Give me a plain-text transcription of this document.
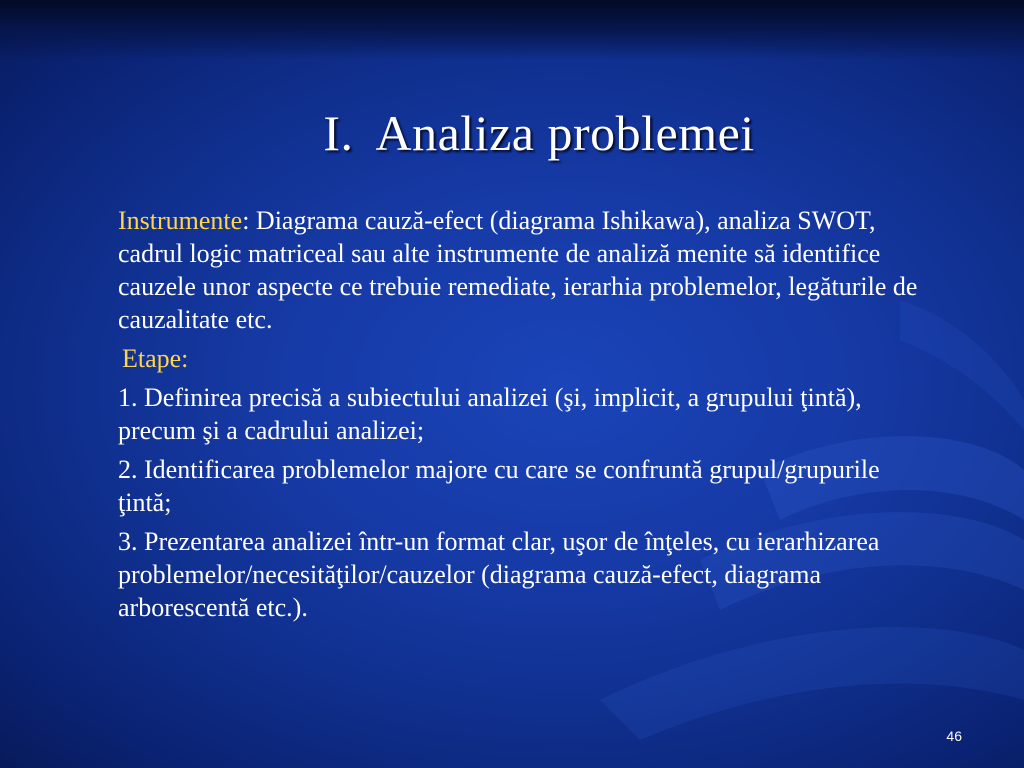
I. Analiza problemei

Instrumente: Diagrama cauză-efect (diagrama Ishikawa), analiza SWOT, cadrul logic matriceal sau alte instrumente de analiză menite să identifice cauzele unor aspecte ce trebuie remediate, ierarhia problemelor, legăturile de cauzalitate etc.

Etape:

1. Definirea precisă a subiectului analizei (şi, implicit, a grupului ţintă), precum şi a cadrului analizei;

2. Identificarea problemelor majore cu care se confruntă grupul/grupurile ţintă;

3. Prezentarea analizei într-un format clar, uşor de înţeles, cu ierarhizarea problemelor/necesităţilor/cauzelor (diagrama cauză-efect, diagrama arborescentă etc.).

46
